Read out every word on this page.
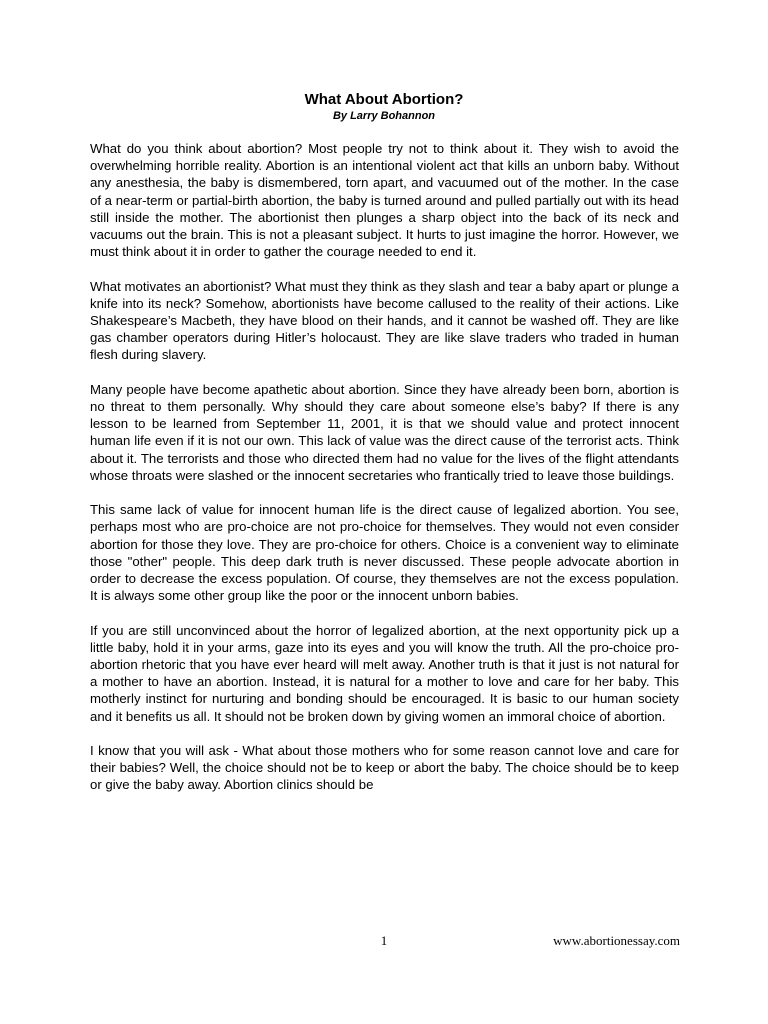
What About Abortion?
By Larry Bohannon

What do you think about abortion? Most people try not to think about it. They wish to avoid the overwhelming horrible reality. Abortion is an intentional violent act that kills an unborn baby. Without any anesthesia, the baby is dismembered, torn apart, and vacuumed out of the mother. In the case of a near-term or partial-birth abortion, the baby is turned around and pulled partially out with its head still inside the mother. The abortionist then plunges a sharp object into the back of its neck and vacuums out the brain. This is not a pleasant subject. It hurts to just imagine the horror. However, we must think about it in order to gather the courage needed to end it.

What motivates an abortionist? What must they think as they slash and tear a baby apart or plunge a knife into its neck? Somehow, abortionists have become callused to the reality of their actions. Like Shakespeare’s Macbeth, they have blood on their hands, and it cannot be washed off. They are like gas chamber operators during Hitler’s holocaust. They are like slave traders who traded in human flesh during slavery.

Many people have become apathetic about abortion. Since they have already been born, abortion is no threat to them personally. Why should they care about someone else’s baby? If there is any lesson to be learned from September 11, 2001, it is that we should value and protect innocent human life even if it is not our own. This lack of value was the direct cause of the terrorist acts. Think about it. The terrorists and those who directed them had no value for the lives of the flight attendants whose throats were slashed or the innocent secretaries who frantically tried to leave those buildings.

This same lack of value for innocent human life is the direct cause of legalized abortion. You see, perhaps most who are pro-choice are not pro-choice for themselves. They would not even consider abortion for those they love. They are pro-choice for others. Choice is a convenient way to eliminate those "other" people. This deep dark truth is never discussed. These people advocate abortion in order to decrease the excess population. Of course, they themselves are not the excess population. It is always some other group like the poor or the innocent unborn babies.

If you are still unconvinced about the horror of legalized abortion, at the next opportunity pick up a little baby, hold it in your arms, gaze into its eyes and you will know the truth. All the pro-choice pro-abortion rhetoric that you have ever heard will melt away. Another truth is that it just is not natural for a mother to have an abortion. Instead, it is natural for a mother to love and care for her baby. This motherly instinct for nurturing and bonding should be encouraged. It is basic to our human society and it benefits us all. It should not be broken down by giving women an immoral choice of abortion.

I know that you will ask - What about those mothers who for some reason cannot love and care for their babies? Well, the choice should not be to keep or abort the baby. The choice should be to keep or give the baby away. Abortion clinics should be

1	www.abortionessay.com
